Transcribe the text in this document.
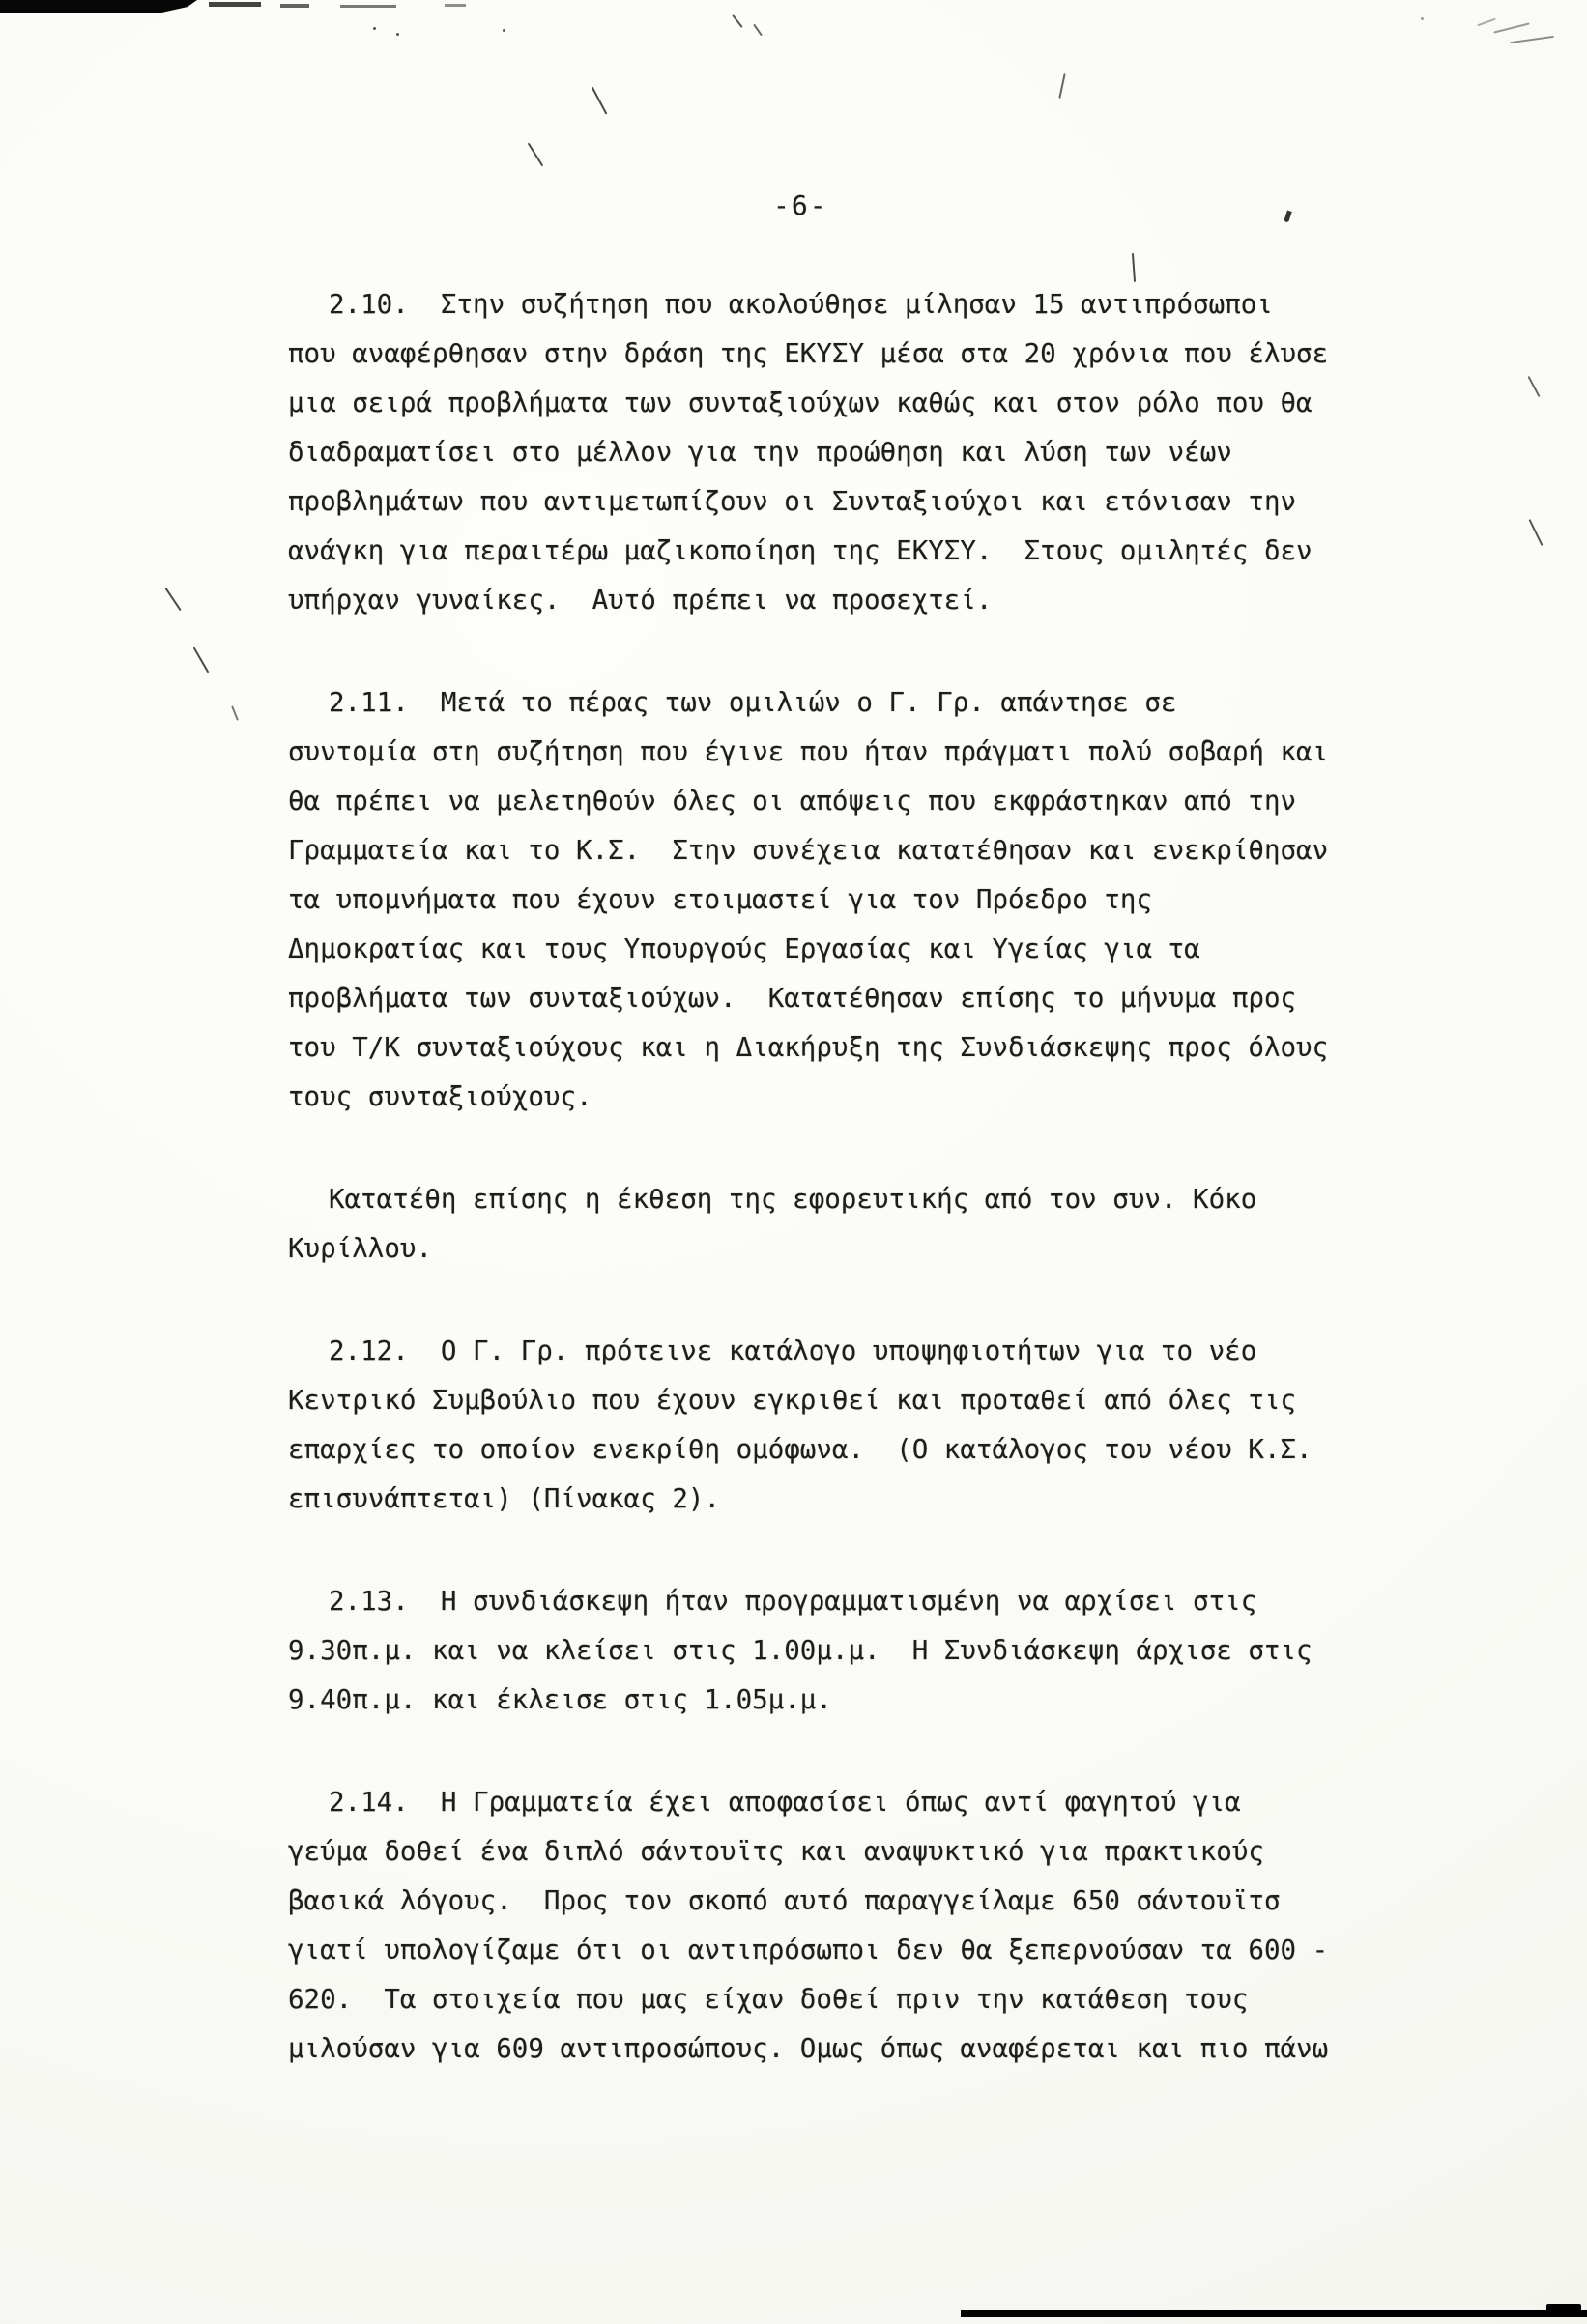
-6-
2.10.  Στην συζήτηση που ακολούθησε μίλησαν 15 αντιπρόσωποι
που αναφέρθησαν στην δράση της ΕΚΥΣΥ μέσα στα 20 χρόνια που έλυσε
μια σειρά προβλήματα των συνταξιούχων καθώς και στον ρόλο που θα
διαδραματίσει στο μέλλον για την προώθηση και λύση των νέων
προβλημάτων που αντιμετωπίζουν οι Συνταξιούχοι και ετόνισαν την
ανάγκη για περαιτέρω μαζικοποίηση της ΕΚΥΣΥ.  Στους ομιλητές δεν
υπήρχαν γυναίκες.  Αυτό πρέπει να προσεχτεί.
2.11.  Μετά το πέρας των ομιλιών ο Γ. Γρ. απάντησε σε
συντομία στη συζήτηση που έγινε που ήταν πράγματι πολύ σοβαρή και
θα πρέπει να μελετηθούν όλες οι απόψεις που εκφράστηκαν από την
Γραμματεία και το Κ.Σ.  Στην συνέχεια κατατέθησαν και ενεκρίθησαν
τα υπομνήματα που έχουν ετοιμαστεί για τον Πρόεδρο της
Δημοκρατίας και τους Υπουργούς Εργασίας και Υγείας για τα
προβλήματα των συνταξιούχων.  Κατατέθησαν επίσης το μήνυμα προς
του Τ/Κ συνταξιούχους και η Διακήρυξη της Συνδιάσκεψης προς όλους
τους συνταξιούχους.
Κατατέθη επίσης η έκθεση της εφορευτικής από τον συν. Κόκο
Κυρίλλου.
2.12.  Ο Γ. Γρ. πρότεινε κατάλογο υποψηφιοτήτων για το νέο
Κεντρικό Συμβούλιο που έχουν εγκριθεί και προταθεί από όλες τις
επαρχίες το οποίον ενεκρίθη ομόφωνα.  (Ο κατάλογος του νέου Κ.Σ.
επισυνάπτεται) (Πίνακας 2).
2.13.  Η συνδιάσκεψη ήταν προγραμματισμένη να αρχίσει στις
9.30π.μ. και να κλείσει στις 1.00μ.μ.  Η Συνδιάσκεψη άρχισε στις
9.40π.μ. και έκλεισε στις 1.05μ.μ.
2.14.  Η Γραμματεία έχει αποφασίσει όπως αντί φαγητού για
γεύμα δοθεί ένα διπλό σάντουϊτς και αναψυκτικό για πρακτικούς
βασικά λόγους.  Προς τον σκοπό αυτό παραγγείλαμε 650 σάντουϊτσ
γιατί υπολογίζαμε ότι οι αντιπρόσωποι δεν θα ξεπερνούσαν τα 600 -
620.  Τα στοιχεία που μας είχαν δοθεί πριν την κατάθεση τους
μιλούσαν για 609 αντιπροσώπους. Ομως όπως αναφέρεται και πιο πάνω
